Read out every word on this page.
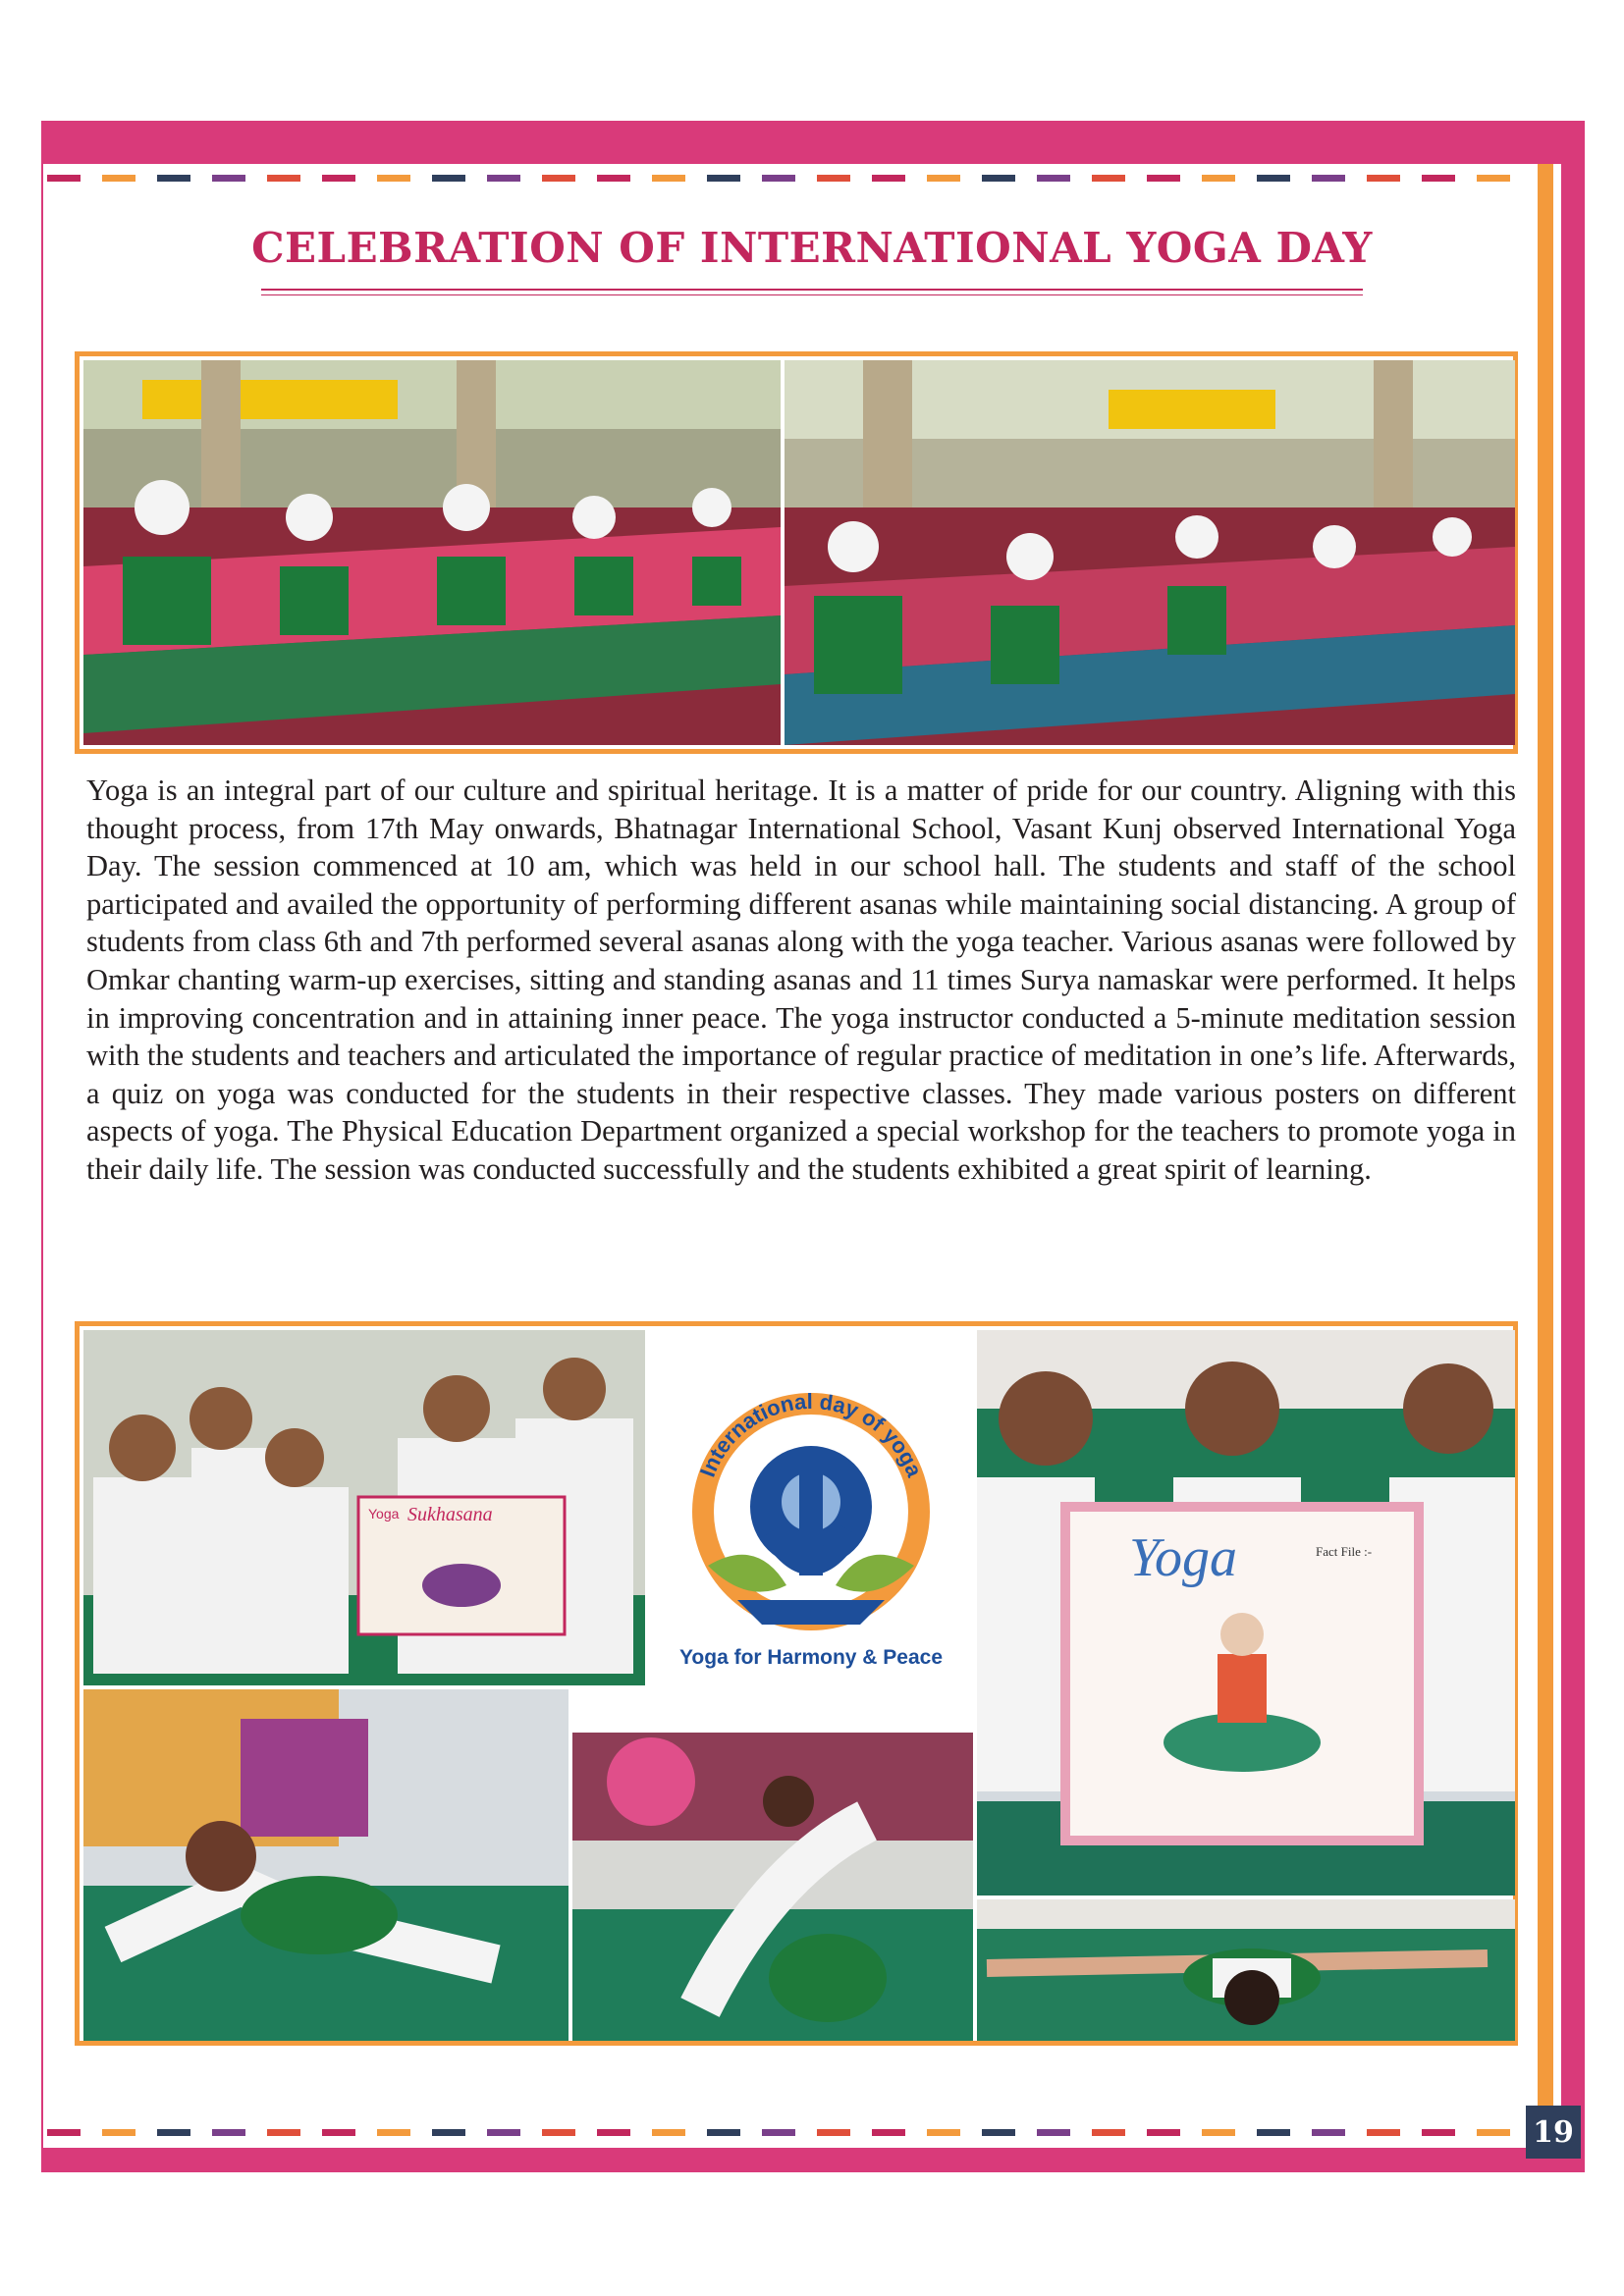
CELEBRATION OF INTERNATIONAL YOGA DAY
Yoga is an integral part of our culture and spiritual heritage. It is a matter of pride for our country. Aligning with this thought process, from 17th May onwards, Bhatnagar International School, Vasant Kunj observed International Yoga Day. The session commenced at 10 am, which was held in our school hall. The students and staff of the school participated and availed the opportunity of performing different asanas while maintaining social distancing. A group of students from class 6th and 7th performed several asanas along with the yoga teacher. Various asanas were followed by Omkar chanting warm-up exercises, sitting and standing asanas and 11 times Surya namaskar were performed. It helps in improving concentration and in attaining inner peace. The yoga instructor conducted a 5-minute meditation session with the students and teachers and articulated the importance of regular practice of meditation in one’s life. Afterwards, a quiz on yoga was conducted for the students in their respective classes. They made various posters on different aspects of yoga. The Physical Education Department organized a special workshop for the teachers to promote yoga in their daily life. The session was conducted successfully and the students exhibited a great spirit of learning.
Yoga Sukhasana
International day of yoga
Yoga for Harmony & Peace
Yoga	Fact File :-
19
